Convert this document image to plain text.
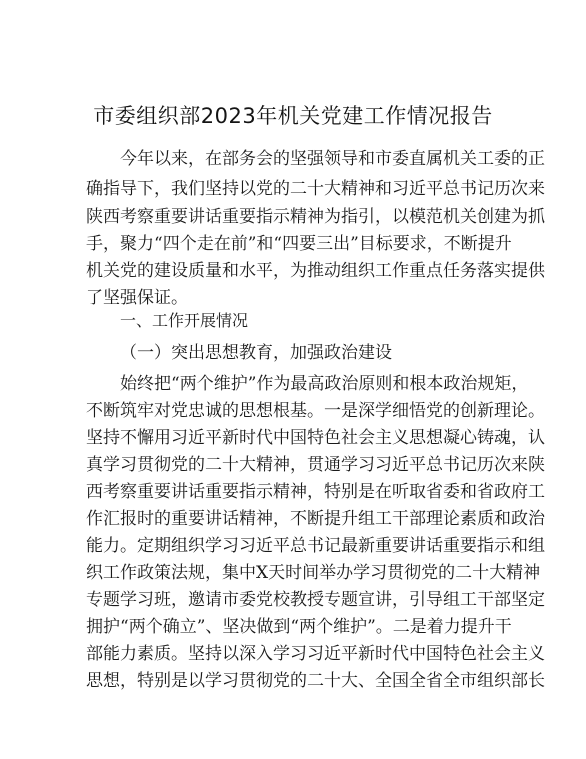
市委组织部2023年机关党建工作情况报告
今年以来，在部务会的坚强领导和市委直属机关工委的正
确指导下，我们坚持以党的二十大精神和习近平总书记历次来
陕西考察重要讲话重要指示精神为指引，以模范机关创建为抓
手，聚力“四个走在前”和“四要三出”目标要求，不断提升
机关党的建设质量和水平，为推动组织工作重点任务落实提供
了坚强保证。
一、工作开展情况
（一）突出思想教育，加强政治建设
始终把“两个维护”作为最高政治原则和根本政治规矩，
不断筑牢对党忠诚的思想根基。一是深学细悟党的创新理论。
坚持不懈用习近平新时代中国特色社会主义思想凝心铸魂，认
真学习贯彻党的二十大精神，贯通学习习近平总书记历次来陕
西考察重要讲话重要指示精神，特别是在听取省委和省政府工
作汇报时的重要讲话精神，不断提升组工干部理论素质和政治
能力。定期组织学习习近平总书记最新重要讲话重要指示和组
织工作政策法规，集中X天时间举办学习贯彻党的二十大精神
专题学习班，邀请市委党校教授专题宣讲，引导组工干部坚定
拥护“两个确立”、坚决做到“两个维护”。二是着力提升干
部能力素质。坚持以深入学习习近平新时代中国特色社会主义
思想，特别是以学习贯彻党的二十大、全国全省全市组织部长
